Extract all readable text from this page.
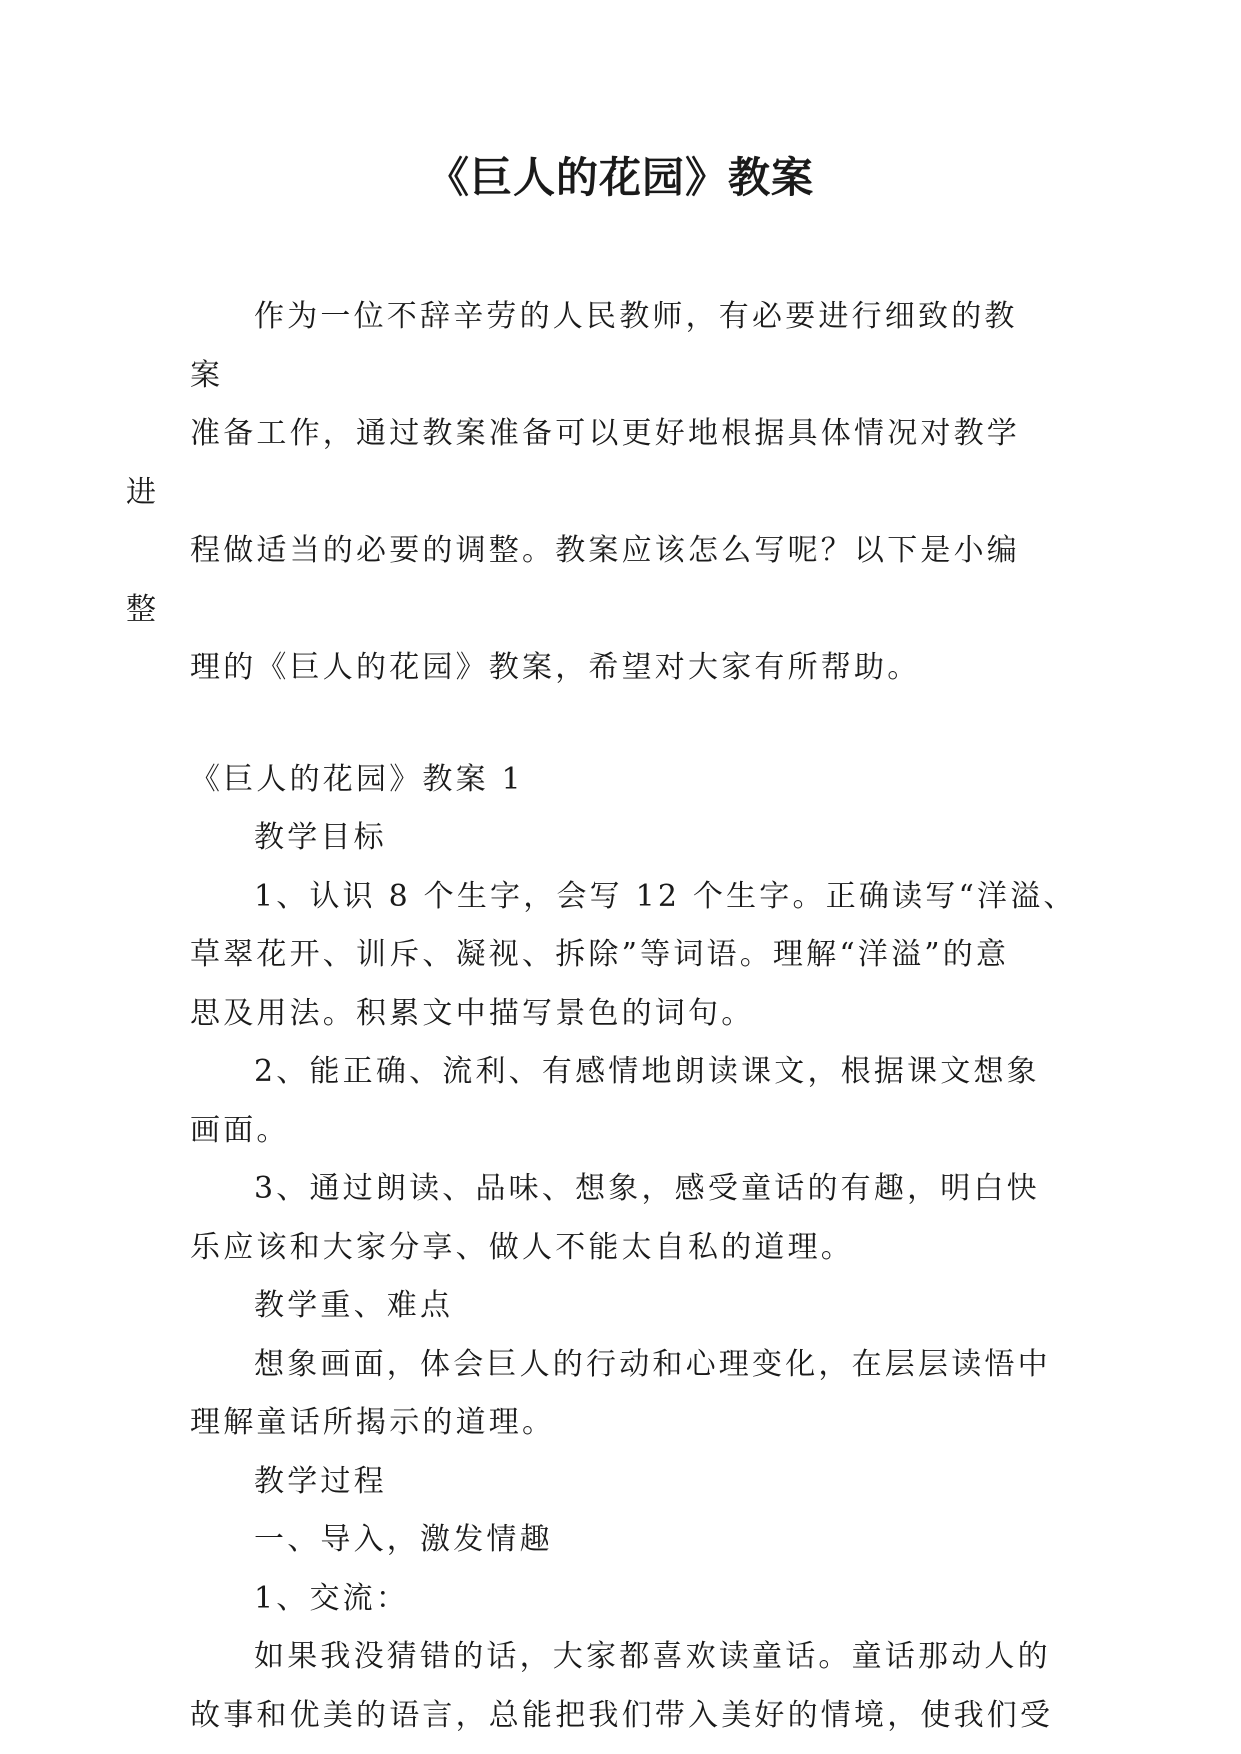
《巨人的花园》教案

作为一位不辞辛劳的人民教师，有必要进行细致的教案
准备工作，通过教案准备可以更好地根据具体情况对教学进
程做适当的必要的调整。教案应该怎么写呢？以下是小编整
理的《巨人的花园》教案，希望对大家有所帮助。

《巨人的花园》教案 1

教学目标

1、认识 8 个生字，会写 12 个生字。正确读写“洋溢、
草翠花开、训斥、凝视、拆除”等词语。理解“洋溢”的意
思及用法。积累文中描写景色的词句。

2、能正确、流利、有感情地朗读课文，根据课文想象
画面。

3、通过朗读、品味、想象，感受童话的有趣，明白快
乐应该和大家分享、做人不能太自私的道理。

教学重、难点

想象画面，体会巨人的行动和心理变化，在层层读悟中
理解童话所揭示的道理。

教学过程

一、导入，激发情趣

1、交流：

如果我没猜错的话，大家都喜欢读童话。童话那动人的
故事和优美的语言，总能把我们带入美好的情境，使我们受
